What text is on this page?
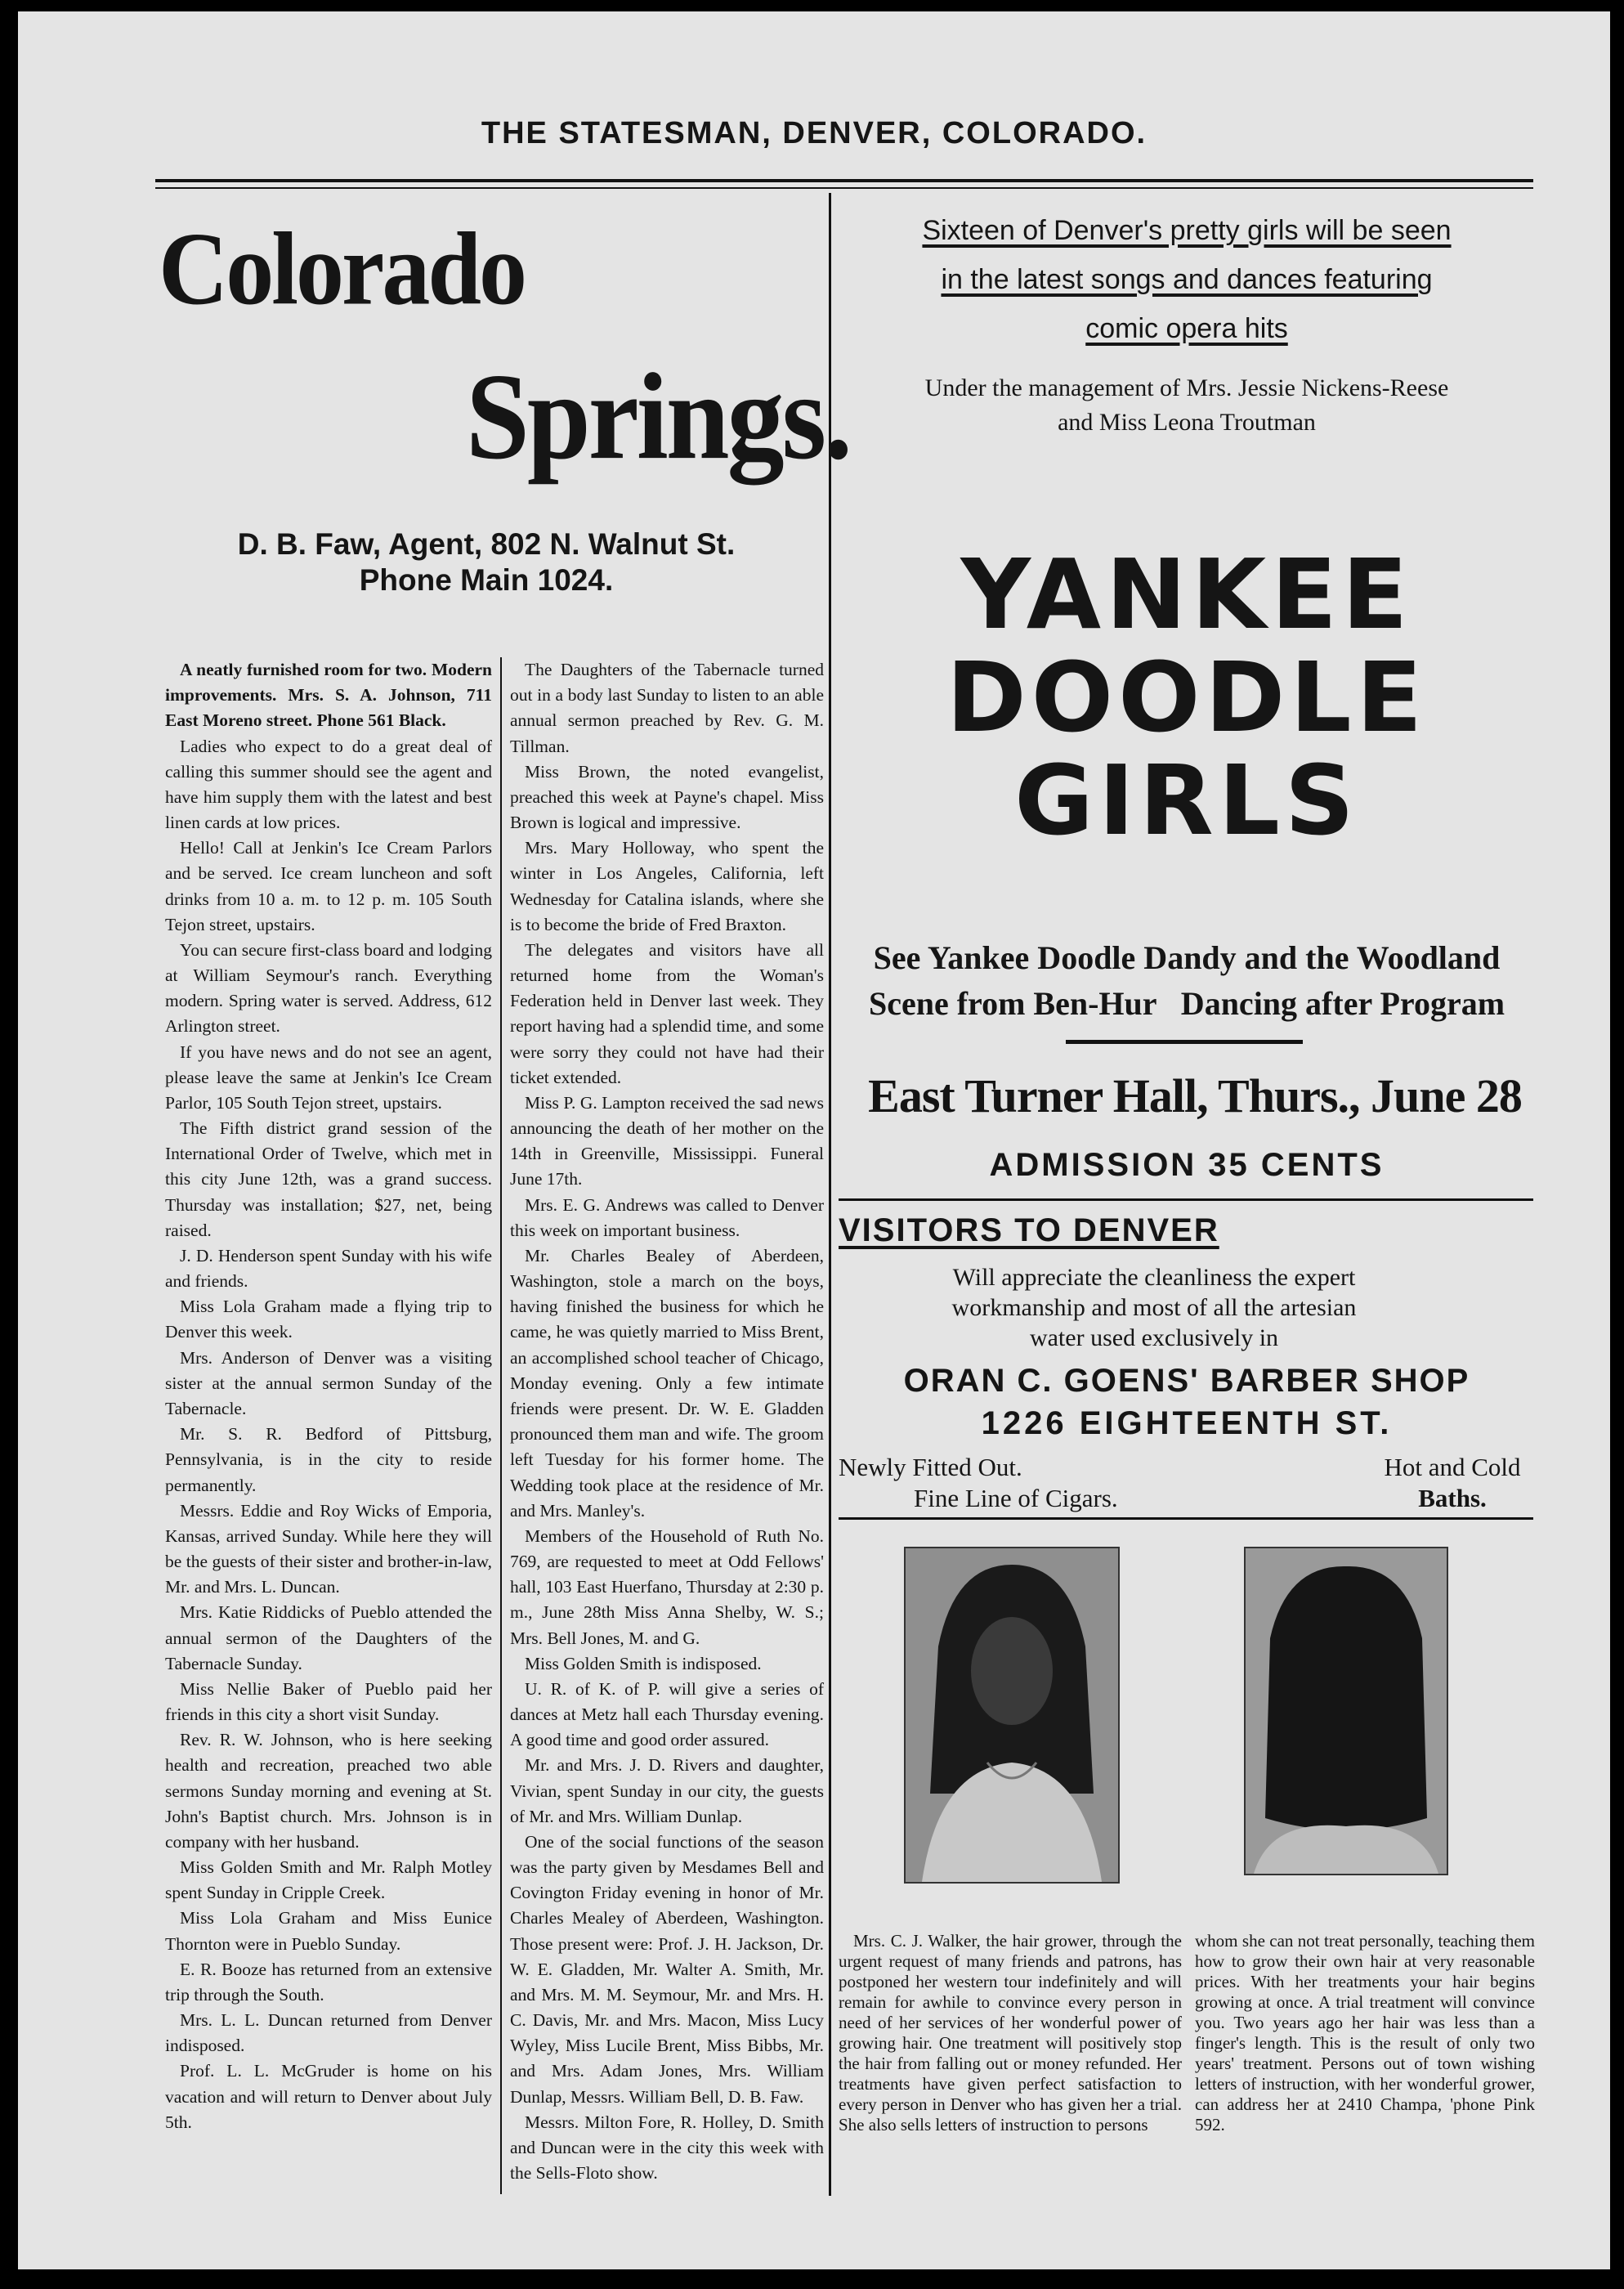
THE STATESMAN, DENVER, COLORADO.
Colorado
Springs.
D. B. Faw, Agent, 802 N. Walnut St.
Phone Main 1024.

A neatly furnished room for two. Modern improvements. Mrs. S. A. Johnson, 711 East Moreno street. Phone 561 Black.

Ladies who expect to do a great deal of calling this summer should see the agent and have him supply them with the latest and best linen cards at low prices.

Hello! Call at Jenkin's Ice Cream Parlors and be served. Ice cream luncheon and soft drinks from 10 a. m. to 12 p. m. 105 South Tejon street, upstairs.

You can secure first-class board and lodging at William Seymour's ranch. Everything modern. Spring water is served. Address, 612 Arlington street.

If you have news and do not see an agent, please leave the same at Jenkin's Ice Cream Parlor, 105 South Tejon street, upstairs.

The Fifth district grand session of the International Order of Twelve, which met in this city June 12th, was a grand success. Thursday was installation; $27, net, being raised.

J. D. Henderson spent Sunday with his wife and friends.

Miss Lola Graham made a flying trip to Denver this week.

Mrs. Anderson of Denver was a visiting sister at the annual sermon Sunday of the Tabernacle.

Mr. S. R. Bedford of Pittsburg, Pennsylvania, is in the city to reside permanently.

Messrs. Eddie and Roy Wicks of Emporia, Kansas, arrived Sunday. While here they will be the guests of their sister and brother-in-law, Mr. and Mrs. L. Duncan.

Mrs. Katie Riddicks of Pueblo attended the annual sermon of the Daughters of the Tabernacle Sunday.

Miss Nellie Baker of Pueblo paid her friends in this city a short visit Sunday.

Rev. R. W. Johnson, who is here seeking health and recreation, preached two able sermons Sunday morning and evening at St. John's Baptist church. Mrs. Johnson is in company with her husband.

Miss Golden Smith and Mr. Ralph Motley spent Sunday in Cripple Creek.

Miss Lola Graham and Miss Eunice Thornton were in Pueblo Sunday.

E. R. Booze has returned from an extensive trip through the South.

Mrs. L. L. Duncan returned from Denver indisposed.

Prof. L. L. McGruder is home on his vacation and will return to Denver about July 5th.

The Daughters of the Tabernacle turned out in a body last Sunday to listen to an able annual sermon preached by Rev. G. M. Tillman.

Miss Brown, the noted evangelist, preached this week at Payne's chapel. Miss Brown is logical and impressive.

Mrs. Mary Holloway, who spent the winter in Los Angeles, California, left Wednesday for Catalina islands, where she is to become the bride of Fred Braxton.

The delegates and visitors have all returned home from the Woman's Federation held in Denver last week. They report having had a splendid time, and some were sorry they could not have had their ticket extended.

Miss P. G. Lampton received the sad news announcing the death of her mother on the 14th in Greenville, Mississippi. Funeral June 17th.

Mrs. E. G. Andrews was called to Denver this week on important business.

Mr. Charles Bealey of Aberdeen, Washington, stole a march on the boys, having finished the business for which he came, he was quietly married to Miss Brent, an accomplished school teacher of Chicago, Monday evening. Only a few intimate friends were present. Dr. W. E. Gladden pronounced them man and wife. The groom left Tuesday for his former home. The Wedding took place at the residence of Mr. and Mrs. Manley's.

Members of the Household of Ruth No. 769, are requested to meet at Odd Fellows' hall, 103 East Huerfano, Thursday at 2:30 p. m., June 28th Miss Anna Shelby, W. S.; Mrs. Bell Jones, M. and G.

Miss Golden Smith is indisposed.

U. R. of K. of P. will give a series of dances at Metz hall each Thursday evening. A good time and good order assured.

Mr. and Mrs. J. D. Rivers and daughter, Vivian, spent Sunday in our city, the guests of Mr. and Mrs. William Dunlap.

One of the social functions of the season was the party given by Mesdames Bell and Covington Friday evening in honor of Mr. Charles Mealey of Aberdeen, Washington. Those present were: Prof. J. H. Jackson, Dr. W. E. Gladden, Mr. Walter A. Smith, Mr. and Mrs. M. M. Seymour, Mr. and Mrs. H. C. Davis, Mr. and Mrs. Macon, Miss Lucy Wyley, Miss Lucile Brent, Miss Bibbs, Mr. and Mrs. Adam Jones, Mrs. William Dunlap, Messrs. William Bell, D. B. Faw.

Messrs. Milton Fore, R. Holley, D. Smith and Duncan were in the city this week with the Sells-Floto show.

Sixteen of Denver's pretty girls will be seen
in the latest songs and dances featuring
comic opera hits
Under the management of Mrs. Jessie Nickens-Reese
and Miss Leona Troutman
YANKEE
DOODLE
GIRLS
See Yankee Doodle Dandy and the Woodland
Scene from Ben-Hur   Dancing after Program
East Turner Hall, Thurs., June 28
ADMISSION 35 CENTS
VISITORS TO DENVER
Will appreciate the cleanliness the expert
workmanship and most of all the artesian
water used exclusively in
ORAN C. GOENS' BARBER SHOP
1226 EIGHTEENTH ST.
Newly Fitted Out.
Fine Line of Cigars.
Hot and Cold
Baths.

Mrs. C. J. Walker, the hair grower, through the urgent request of many friends and patrons, has postponed her western tour indefinitely and will remain for awhile to convince every person in need of her services of her wonderful power of growing hair. One treatment will positively stop the hair from falling out or money refunded. Her treatments have given perfect satisfaction to every person in Denver who has given her a trial. She also sells letters of instruction to persons

whom she can not treat personally, teaching them how to grow their own hair at very reasonable prices. With her treatments your hair begins growing at once. A trial treatment will convince you. Two years ago her hair was less than a finger's length. This is the result of only two years' treatment. Persons out of town wishing letters of instruction, with her wonderful grower, can address her at 2410 Champa, 'phone Pink 592.
